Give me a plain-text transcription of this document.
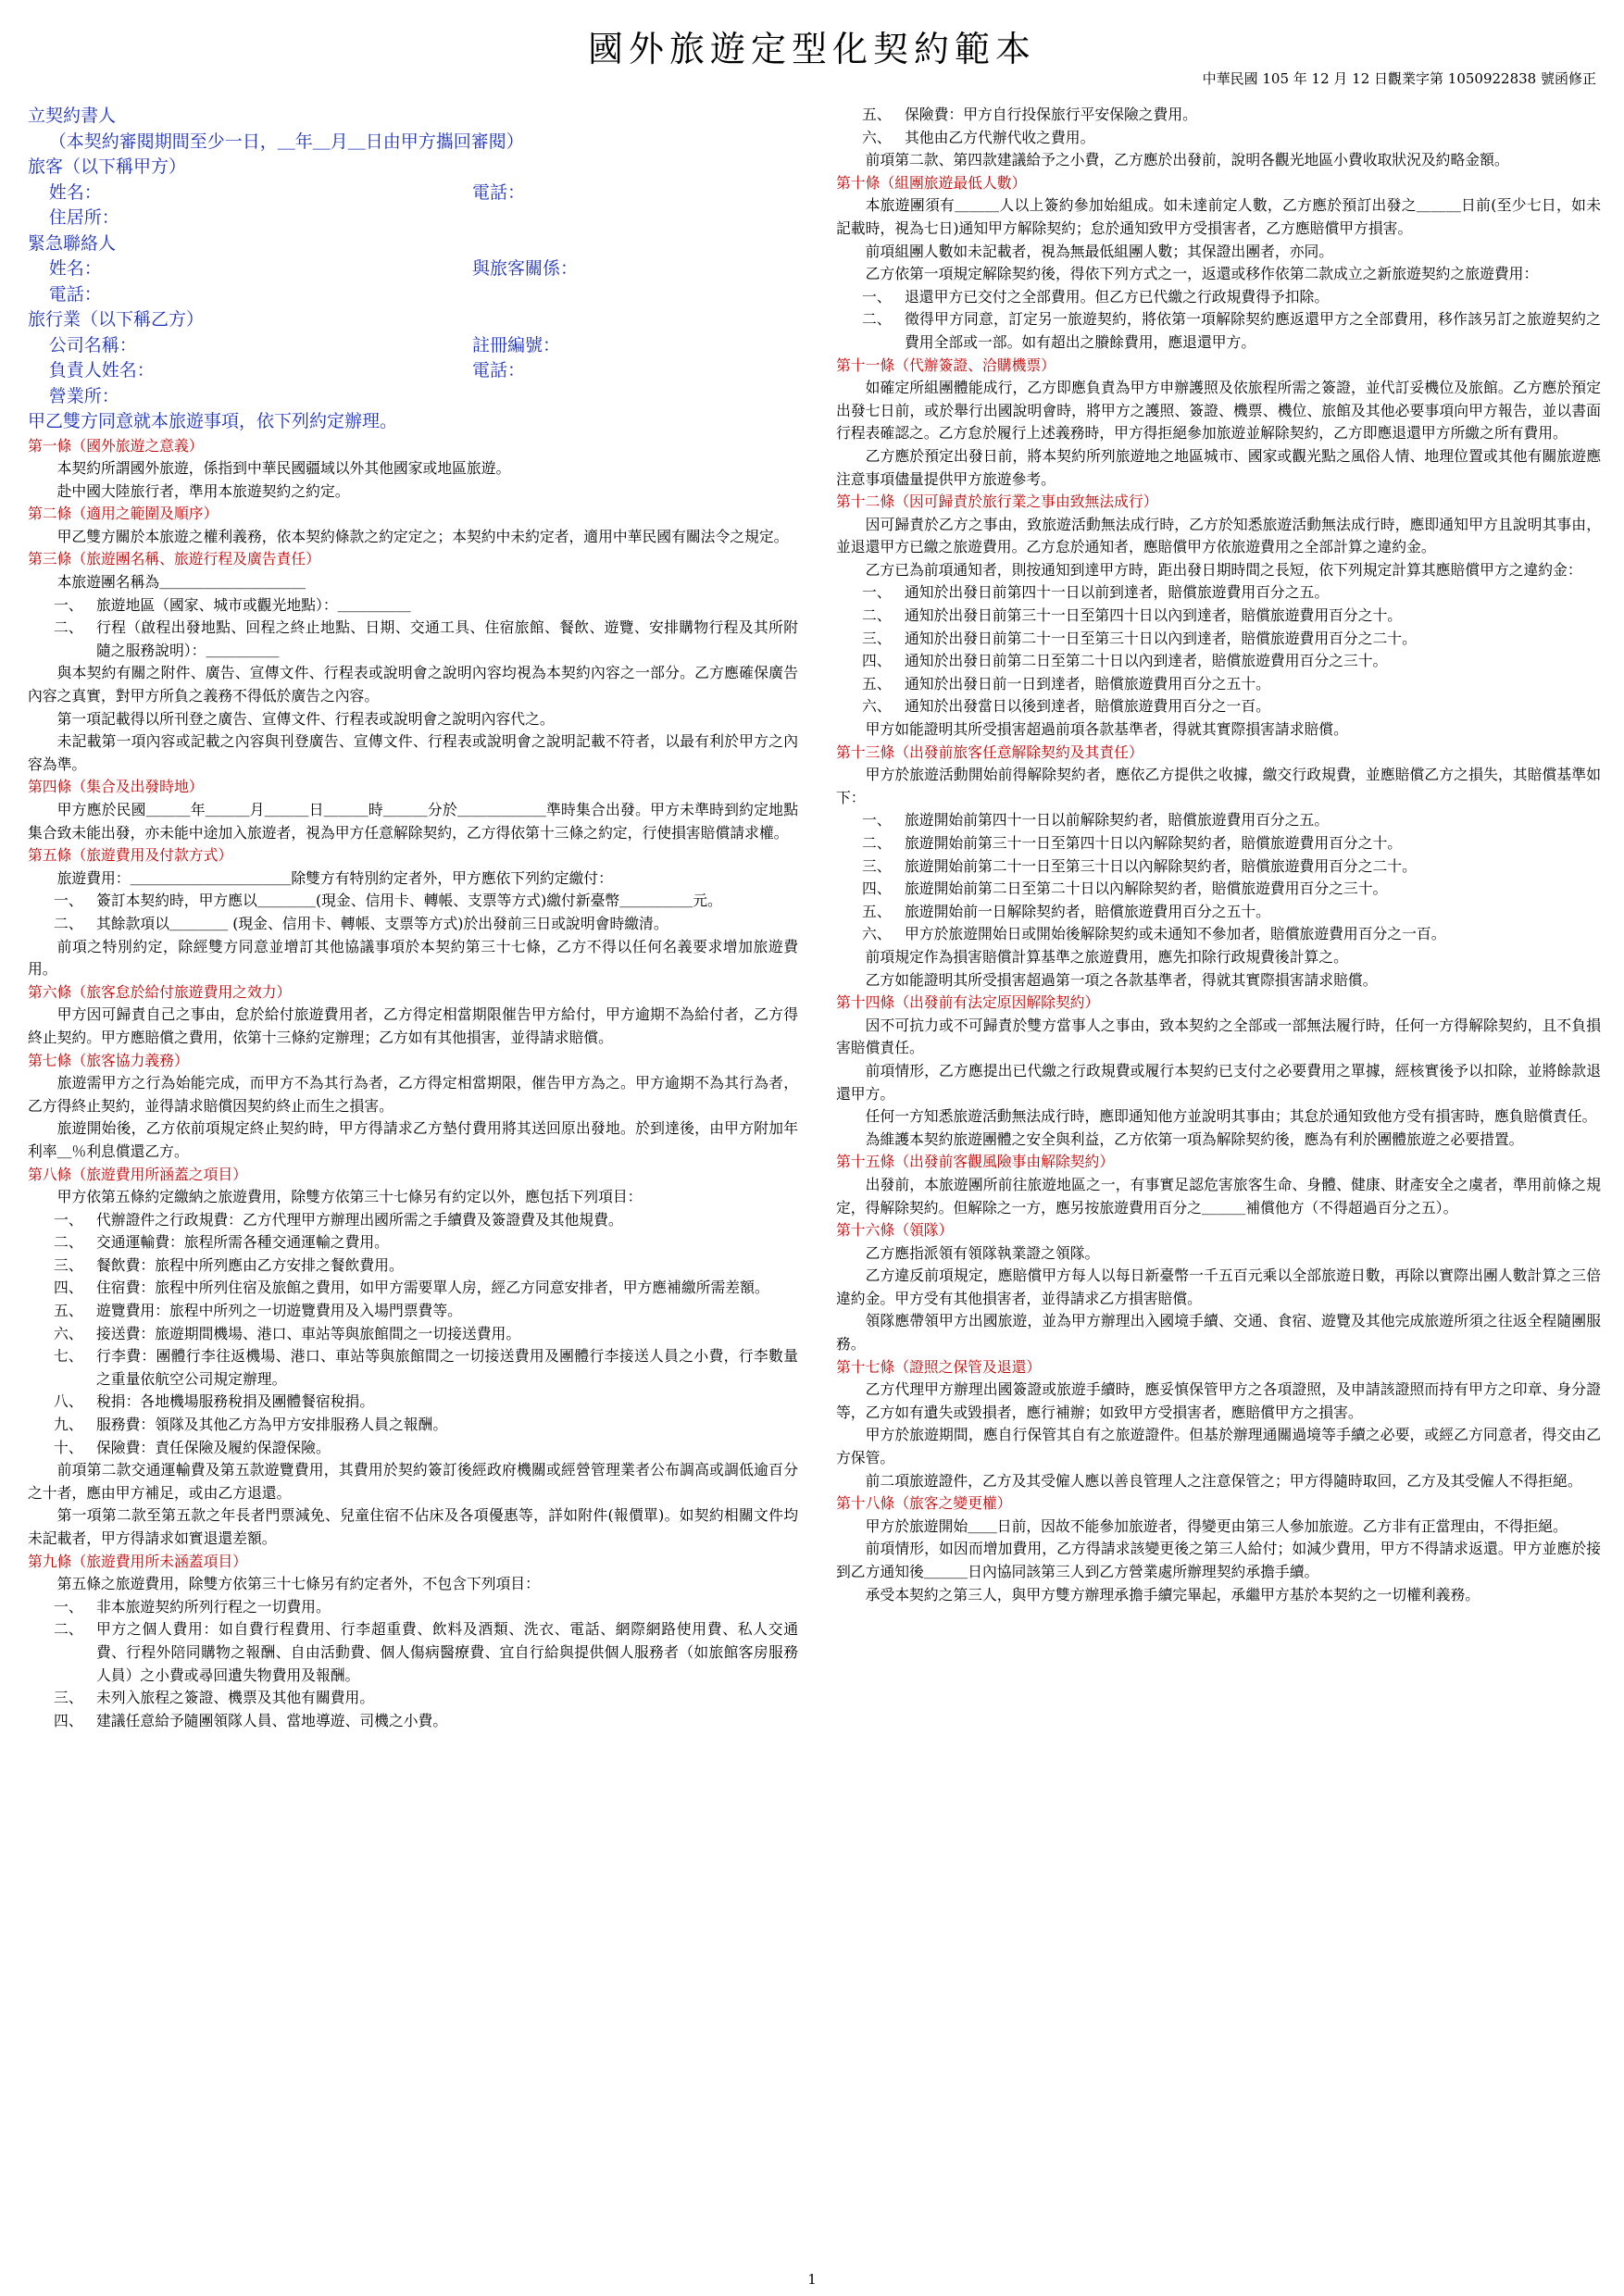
國外旅遊定型化契約範本
中華民國 105 年 12 月 12 日觀業字第 1050922838 號函修正

立契約書人

（本契約審閱期間至少一日，＿年＿月＿日由甲方攜回審閱）

旅客（以下稱甲方）

姓名：	電話：

住居所：

緊急聯絡人

姓名：	與旅客關係：

電話：

旅行業（以下稱乙方）

公司名稱：	註冊編號：

負責人姓名：	電話：

營業所：

甲乙雙方同意就本旅遊事項，依下列約定辦理。

第一條（國外旅遊之意義）

本契約所謂國外旅遊，係指到中華民國疆域以外其他國家或地區旅遊。

赴中國大陸旅行者，準用本旅遊契約之約定。

第二條（適用之範圍及順序）

甲乙雙方關於本旅遊之權利義務，依本契約條款之約定定之；本契約中未約定者，適用中華民國有關法令之規定。

第三條（旅遊團名稱、旅遊行程及廣告責任）

本旅遊團名稱為＿＿＿＿＿＿＿＿＿＿

一、 旅遊地區（國家、城市或觀光地點）：＿＿＿＿＿
二、 行程（啟程出發地點、回程之終止地點、日期、交通工具、住宿旅館、餐飲、遊覽、安排購物行程及其所附隨之服務說明）：＿＿＿＿＿

與本契約有關之附件、廣告、宣傳文件、行程表或說明會之說明內容均視為本契約內容之一部分。乙方應確保廣告內容之真實，對甲方所負之義務不得低於廣告之內容。

第一項記載得以所刊登之廣告、宣傳文件、行程表或說明會之說明內容代之。

未記載第一項內容或記載之內容與刊登廣告、宣傳文件、行程表或說明會之說明記載不符者，以最有利於甲方之內容為準。

第四條（集合及出發時地）

甲方應於民國＿＿＿年＿＿＿月＿＿＿日＿＿＿時＿＿＿分於＿＿＿＿＿＿準時集合出發。甲方未準時到約定地點集合致未能出發，亦未能中途加入旅遊者，視為甲方任意解除契約，乙方得依第十三條之約定，行使損害賠償請求權。

第五條（旅遊費用及付款方式）

旅遊費用：＿＿＿＿＿＿＿＿＿＿＿除雙方有特別約定者外，甲方應依下列約定繳付：

一、 簽訂本契約時，甲方應以＿＿＿＿(現金、信用卡、轉帳、支票等方式)繳付新臺幣＿＿＿＿＿元。
二、 其餘款項以＿＿＿＿ (現金、信用卡、轉帳、支票等方式)於出發前三日或說明會時繳清。

前項之特別約定，除經雙方同意並增訂其他協議事項於本契約第三十七條，乙方不得以任何名義要求增加旅遊費用。

第六條（旅客怠於給付旅遊費用之效力）

甲方因可歸責自己之事由，怠於給付旅遊費用者，乙方得定相當期限催告甲方給付，甲方逾期不為給付者，乙方得終止契約。甲方應賠償之費用，依第十三條約定辦理；乙方如有其他損害，並得請求賠償。

第七條（旅客協力義務）

旅遊需甲方之行為始能完成，而甲方不為其行為者，乙方得定相當期限，催告甲方為之。甲方逾期不為其行為者，乙方得終止契約，並得請求賠償因契約終止而生之損害。

旅遊開始後，乙方依前項規定終止契約時，甲方得請求乙方墊付費用將其送回原出發地。於到達後，由甲方附加年利率＿％利息償還乙方。

第八條（旅遊費用所涵蓋之項目）

甲方依第五條約定繳納之旅遊費用，除雙方依第三十七條另有約定以外，應包括下列項目：

一、 代辦證件之行政規費：乙方代理甲方辦理出國所需之手續費及簽證費及其他規費。
二、 交通運輸費：旅程所需各種交通運輸之費用。
三、 餐飲費：旅程中所列應由乙方安排之餐飲費用。
四、 住宿費：旅程中所列住宿及旅館之費用，如甲方需要單人房，經乙方同意安排者，甲方應補繳所需差額。
五、 遊覽費用：旅程中所列之一切遊覽費用及入場門票費等。
六、 接送費：旅遊期間機場、港口、車站等與旅館間之一切接送費用。
七、 行李費：團體行李往返機場、港口、車站等與旅館間之一切接送費用及團體行李接送人員之小費，行李數量之重量依航空公司規定辦理。
八、 稅捐：各地機場服務稅捐及團體餐宿稅捐。
九、 服務費：領隊及其他乙方為甲方安排服務人員之報酬。
十、 保險費：責任保險及履約保證保險。

前項第二款交通運輸費及第五款遊覽費用，其費用於契約簽訂後經政府機關或經營管理業者公布調高或調低逾百分之十者，應由甲方補足，或由乙方退還。

第一項第二款至第五款之年長者門票減免、兒童住宿不佔床及各項優惠等，詳如附件(報價單)。如契約相關文件均未記載者，甲方得請求如實退還差額。

第九條（旅遊費用所未涵蓋項目）

第五條之旅遊費用，除雙方依第三十七條另有約定者外，不包含下列項目：

一、 非本旅遊契約所列行程之一切費用。
二、 甲方之個人費用：如自費行程費用、行李超重費、飲料及酒類、洗衣、電話、網際網路使用費、私人交通費、行程外陪同購物之報酬、自由活動費、個人傷病醫療費、宜自行給與提供個人服務者（如旅館客房服務人員）之小費或尋回遺失物費用及報酬。
三、 未列入旅程之簽證、機票及其他有關費用。
四、 建議任意給予隨團領隊人員、當地導遊、司機之小費。
五、 保險費：甲方自行投保旅行平安保險之費用。
六、 其他由乙方代辦代收之費用。

前項第二款、第四款建議給予之小費，乙方應於出發前，說明各觀光地區小費收取狀況及約略金額。

第十條（組團旅遊最低人數）

本旅遊團須有＿＿＿人以上簽約參加始組成。如未達前定人數，乙方應於預訂出發之＿＿＿日前(至少七日，如未記載時，視為七日)通知甲方解除契約；怠於通知致甲方受損害者，乙方應賠償甲方損害。

前項組團人數如未記載者，視為無最低組團人數；其保證出團者，亦同。

乙方依第一項規定解除契約後，得依下列方式之一，返還或移作依第二款成立之新旅遊契約之旅遊費用：

一、 退還甲方已交付之全部費用。但乙方已代繳之行政規費得予扣除。
二、 徵得甲方同意，訂定另一旅遊契約，將依第一項解除契約應返還甲方之全部費用，移作該另訂之旅遊契約之費用全部或一部。如有超出之賸餘費用，應退還甲方。

第十一條（代辦簽證、洽購機票）

如確定所組團體能成行，乙方即應負責為甲方申辦護照及依旅程所需之簽證，並代訂妥機位及旅館。乙方應於預定出發七日前，或於舉行出國說明會時，將甲方之護照、簽證、機票、機位、旅館及其他必要事項向甲方報告，並以書面行程表確認之。乙方怠於履行上述義務時，甲方得拒絕參加旅遊並解除契約，乙方即應退還甲方所繳之所有費用。

乙方應於預定出發日前，將本契約所列旅遊地之地區城市、國家或觀光點之風俗人情、地理位置或其他有關旅遊應注意事項儘量提供甲方旅遊參考。

第十二條（因可歸責於旅行業之事由致無法成行）

因可歸責於乙方之事由，致旅遊活動無法成行時，乙方於知悉旅遊活動無法成行時，應即通知甲方且說明其事由，並退還甲方已繳之旅遊費用。乙方怠於通知者，應賠償甲方依旅遊費用之全部計算之違約金。

乙方已為前項通知者，則按通知到達甲方時，距出發日期時間之長短，依下列規定計算其應賠償甲方之違約金：

一、 通知於出發日前第四十一日以前到達者，賠償旅遊費用百分之五。
二、 通知於出發日前第三十一日至第四十日以內到達者，賠償旅遊費用百分之十。
三、 通知於出發日前第二十一日至第三十日以內到達者，賠償旅遊費用百分之二十。
四、 通知於出發日前第二日至第二十日以內到達者，賠償旅遊費用百分之三十。
五、 通知於出發日前一日到達者，賠償旅遊費用百分之五十。
六、 通知於出發當日以後到達者，賠償旅遊費用百分之一百。

甲方如能證明其所受損害超過前項各款基準者，得就其實際損害請求賠償。

第十三條（出發前旅客任意解除契約及其責任）

甲方於旅遊活動開始前得解除契約者，應依乙方提供之收據，繳交行政規費，並應賠償乙方之損失，其賠償基準如下：

一、 旅遊開始前第四十一日以前解除契約者，賠償旅遊費用百分之五。
二、 旅遊開始前第三十一日至第四十日以內解除契約者，賠償旅遊費用百分之十。
三、 旅遊開始前第二十一日至第三十日以內解除契約者，賠償旅遊費用百分之二十。
四、 旅遊開始前第二日至第二十日以內解除契約者，賠償旅遊費用百分之三十。
五、 旅遊開始前一日解除契約者，賠償旅遊費用百分之五十。
六、 甲方於旅遊開始日或開始後解除契約或未通知不參加者，賠償旅遊費用百分之一百。

前項規定作為損害賠償計算基準之旅遊費用，應先扣除行政規費後計算之。

乙方如能證明其所受損害超過第一項之各款基準者，得就其實際損害請求賠償。

第十四條（出發前有法定原因解除契約）

因不可抗力或不可歸責於雙方當事人之事由，致本契約之全部或一部無法履行時，任何一方得解除契約，且不負損害賠償責任。

前項情形，乙方應提出已代繳之行政規費或履行本契約已支付之必要費用之單據，經核實後予以扣除，並將餘款退還甲方。

任何一方知悉旅遊活動無法成行時，應即通知他方並說明其事由；其怠於通知致他方受有損害時，應負賠償責任。

為維護本契約旅遊團體之安全與利益，乙方依第一項為解除契約後，應為有利於團體旅遊之必要措置。

第十五條（出發前客觀風險事由解除契約）

出發前，本旅遊團所前往旅遊地區之一，有事實足認危害旅客生命、身體、健康、財產安全之虞者，準用前條之規定，得解除契約。但解除之一方，應另按旅遊費用百分之＿＿＿補償他方（不得超過百分之五）。

第十六條（領隊）

乙方應指派領有領隊執業證之領隊。

乙方違反前項規定，應賠償甲方每人以每日新臺幣一千五百元乘以全部旅遊日數，再除以實際出團人數計算之三倍違約金。甲方受有其他損害者，並得請求乙方損害賠償。

領隊應帶領甲方出國旅遊，並為甲方辦理出入國境手續、交通、食宿、遊覽及其他完成旅遊所須之往返全程隨團服務。

第十七條（證照之保管及退還）

乙方代理甲方辦理出國簽證或旅遊手續時，應妥慎保管甲方之各項證照，及申請該證照而持有甲方之印章、身分證等，乙方如有遺失或毀損者，應行補辦；如致甲方受損害者，應賠償甲方之損害。

甲方於旅遊期間，應自行保管其自有之旅遊證件。但基於辦理通關過境等手續之必要，或經乙方同意者，得交由乙方保管。

前二項旅遊證件，乙方及其受僱人應以善良管理人之注意保管之；甲方得隨時取回，乙方及其受僱人不得拒絕。

第十八條（旅客之變更權）

甲方於旅遊開始＿＿日前，因故不能參加旅遊者，得變更由第三人參加旅遊。乙方非有正當理由，不得拒絕。

前項情形，如因而增加費用，乙方得請求該變更後之第三人給付；如減少費用，甲方不得請求返還。甲方並應於接到乙方通知後＿＿＿日內協同該第三人到乙方營業處所辦理契約承擔手續。

承受本契約之第三人，與甲方雙方辦理承擔手續完畢起，承繼甲方基於本契約之一切權利義務。

1
